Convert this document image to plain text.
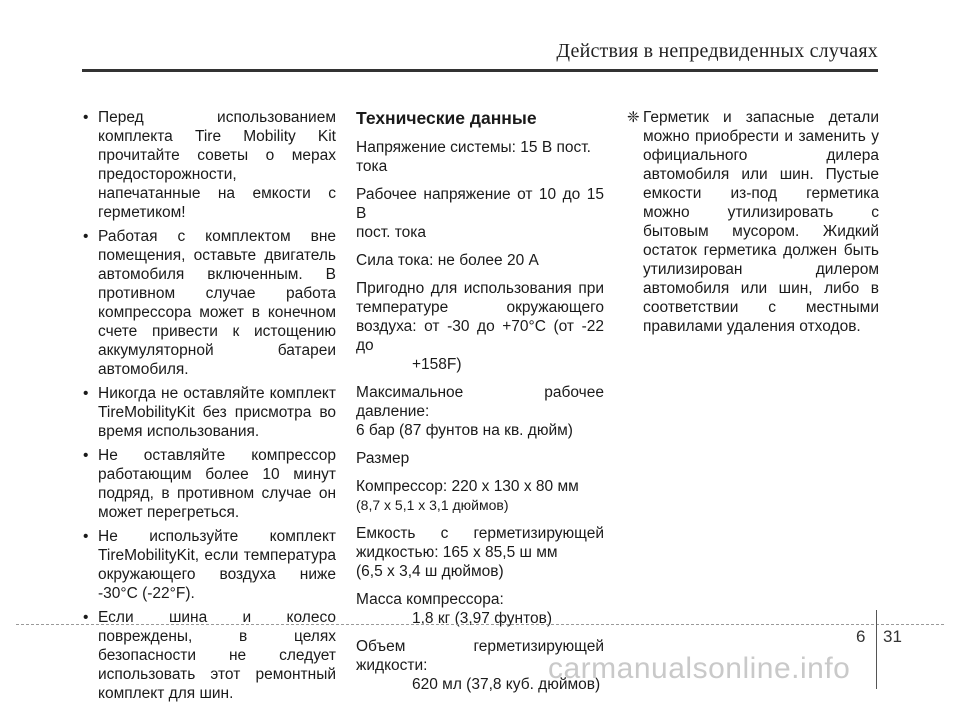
Действия в непредвиденных случаях
• Перед использованием комплекта Tire Mobility Kit прочитайте советы о мерах предосторожности, напечатанные на емкости с герметиком!
• Работая с комплектом вне помещения, оставьте двигатель автомобиля включенным. В противном случае работа компрессора может в конечном счете привести к истощению аккумуляторной батареи автомобиля.
• Никогда не оставляйте комплект TireMobilityKit без присмотра во время использования.
• Не оставляйте компрессор работающим более 10 минут подряд, в противном случае он может перегреться.
• Не используйте комплект TireMobilityKit, если температура окружающего воздуха ниже -30°C (-22°F).
• Если шина и колесо повреждены, в целях безопасности не следует использовать этот ремонтный комплект для шин.
Технические данные
Напряжение системы: 15 В пост.
тока
Рабочее напряжение от 10 до 15 В
пост. тока
Сила тока: не более 20 А
Пригодно для использования при температуре окружающего воздуха: от -30 до +70°C (от -22 до
+158F)
Максимальное рабочее давление:
6 бар (87 фунтов на кв. дюйм)
Размер
Компрессор: 220 x 130 x 80 мм
(8,7 x 5,1 x 3,1 дюймов)
Емкость с герметизирующей жидкостью: 165 x 85,5 ш мм
(6,5 x 3,4 ш дюймов)
Масса компрессора:
1,8 кг (3,97 фунтов)
Объем герметизирующей жидкости:
620 мл (37,8 куб. дюймов)
❈ Герметик и запасные детали можно приобрести и заменить у официального дилера автомобиля или шин. Пустые емкости из-под герметика можно утилизировать с бытовым мусором. Жидкий остаток герметика должен быть утилизирован дилером автомобиля или шин, либо в соответствии с местными правилами удаления отходов.
6 31
carmanualsonline.info
